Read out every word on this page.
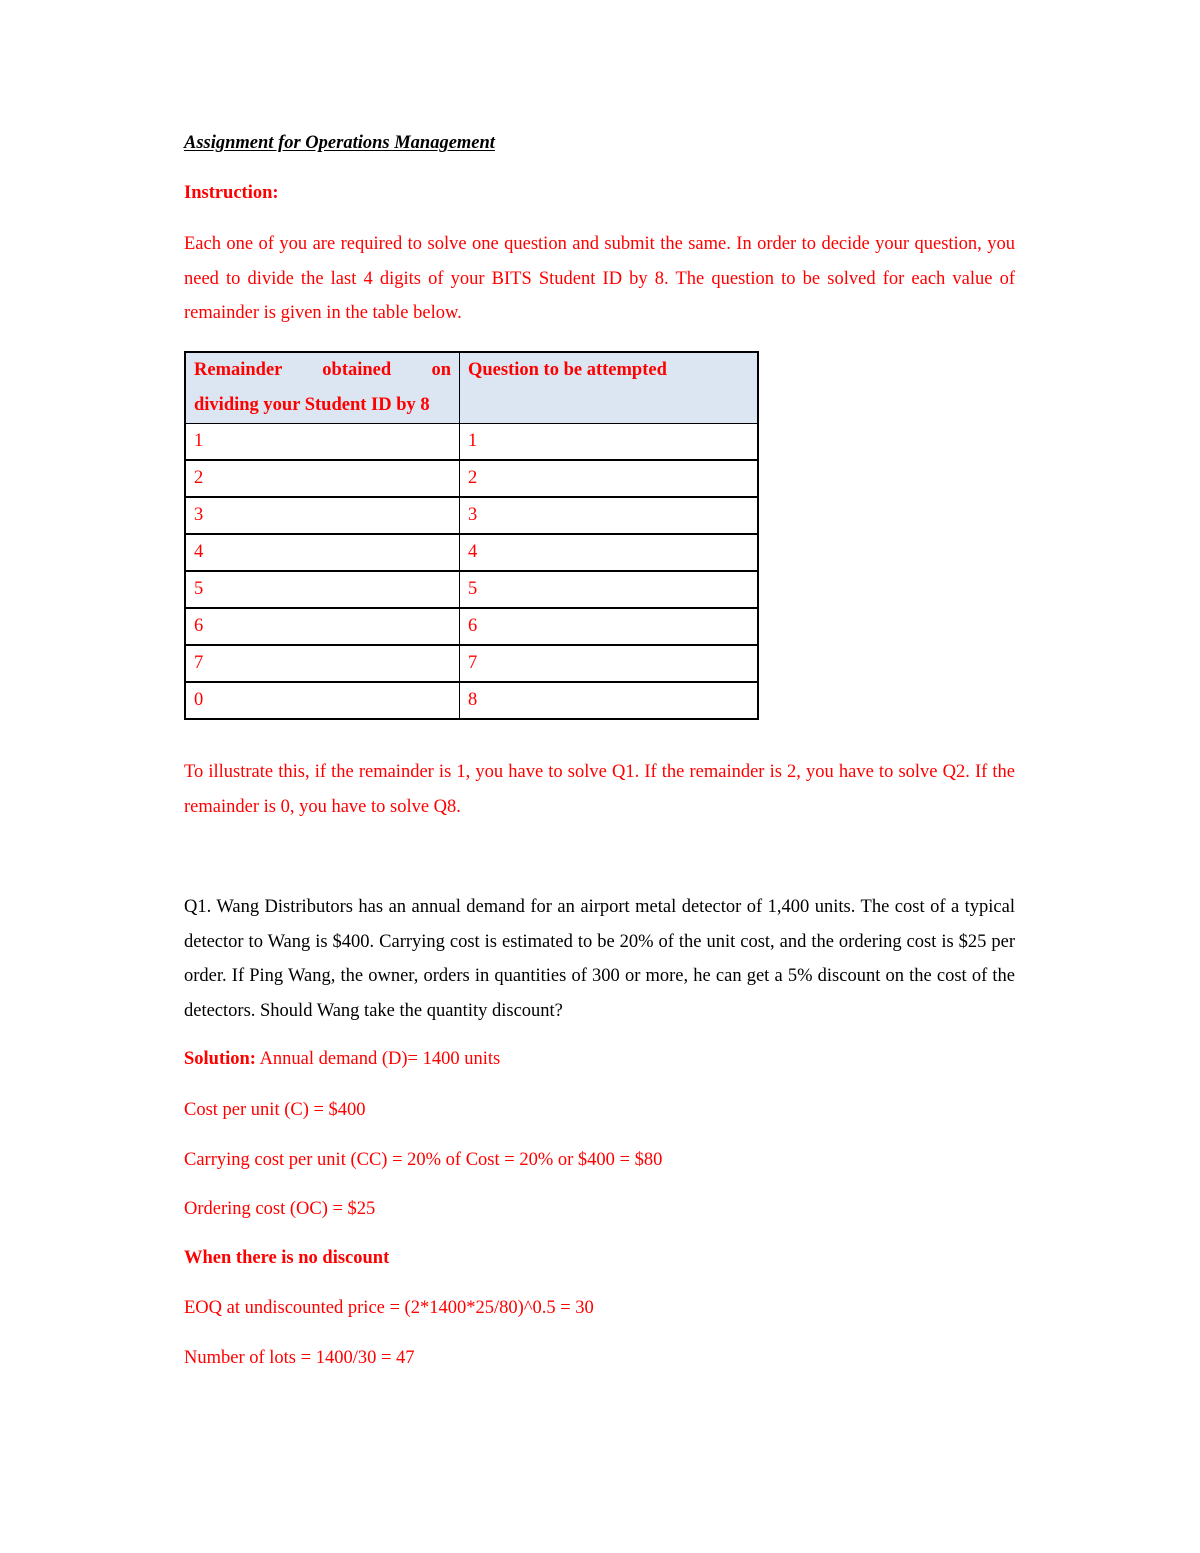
Assignment for Operations Management
Instruction:
Each one of you are required to solve one question and submit the same. In order to decide your question, you need to divide the last 4 digits of your BITS Student ID by 8. The question to be solved for each value of remainder is given in the table below.
Remainder obtained on
dividing your Student ID by 8	Question to be attempted
1	1
2	2
3	3
4	4
5	5
6	6
7	7
0	8
To illustrate this, if the remainder is 1, you have to solve Q1. If the remainder is 2, you have to solve Q2. If the remainder is 0, you have to solve Q8.
Q1. Wang Distributors has an annual demand for an airport metal detector of 1,400 units. The cost of a typical detector to Wang is $400. Carrying cost is estimated to be 20% of the unit cost, and the ordering cost is $25 per order. If Ping Wang, the owner, orders in quantities of 300 or more, he can get a 5% discount on the cost of the detectors. Should Wang take the quantity discount?
Solution: Annual demand (D)= 1400 units
Cost per unit (C) = $400
Carrying cost per unit (CC) = 20% of Cost = 20% or $400 = $80
Ordering cost (OC) = $25
When there is no discount
EOQ at undiscounted price = (2*1400*25/80)^0.5 = 30
Number of lots = 1400/30 = 47
